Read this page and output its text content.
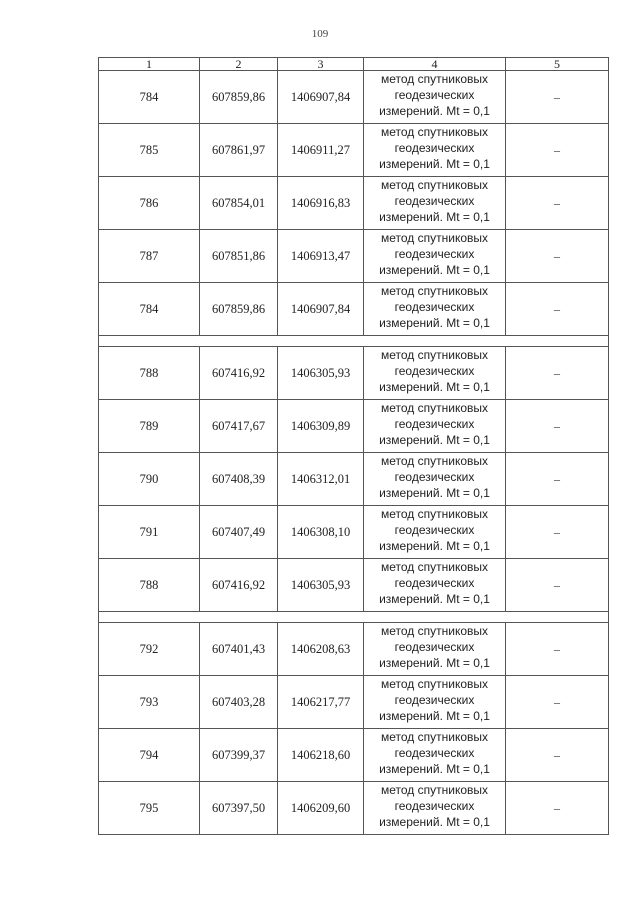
109
1	2	3	4	5
784	607859,86	1406907,84	метод спутниковых
геодезических
измерений. Mt = 0,1	–
785	607861,97	1406911,27	метод спутниковых
геодезических
измерений. Mt = 0,1	–
786	607854,01	1406916,83	метод спутниковых
геодезических
измерений. Mt = 0,1	–
787	607851,86	1406913,47	метод спутниковых
геодезических
измерений. Mt = 0,1	–
784	607859,86	1406907,84	метод спутниковых
геодезических
измерений. Mt = 0,1	–

788	607416,92	1406305,93	метод спутниковых
геодезических
измерений. Mt = 0,1	–
789	607417,67	1406309,89	метод спутниковых
геодезических
измерений. Mt = 0,1	–
790	607408,39	1406312,01	метод спутниковых
геодезических
измерений. Mt = 0,1	–
791	607407,49	1406308,10	метод спутниковых
геодезических
измерений. Mt = 0,1	–
788	607416,92	1406305,93	метод спутниковых
геодезических
измерений. Mt = 0,1	–

792	607401,43	1406208,63	метод спутниковых
геодезических
измерений. Mt = 0,1	–
793	607403,28	1406217,77	метод спутниковых
геодезических
измерений. Mt = 0,1	–
794	607399,37	1406218,60	метод спутниковых
геодезических
измерений. Mt = 0,1	–
795	607397,50	1406209,60	метод спутниковых
геодезических
измерений. Mt = 0,1	–
